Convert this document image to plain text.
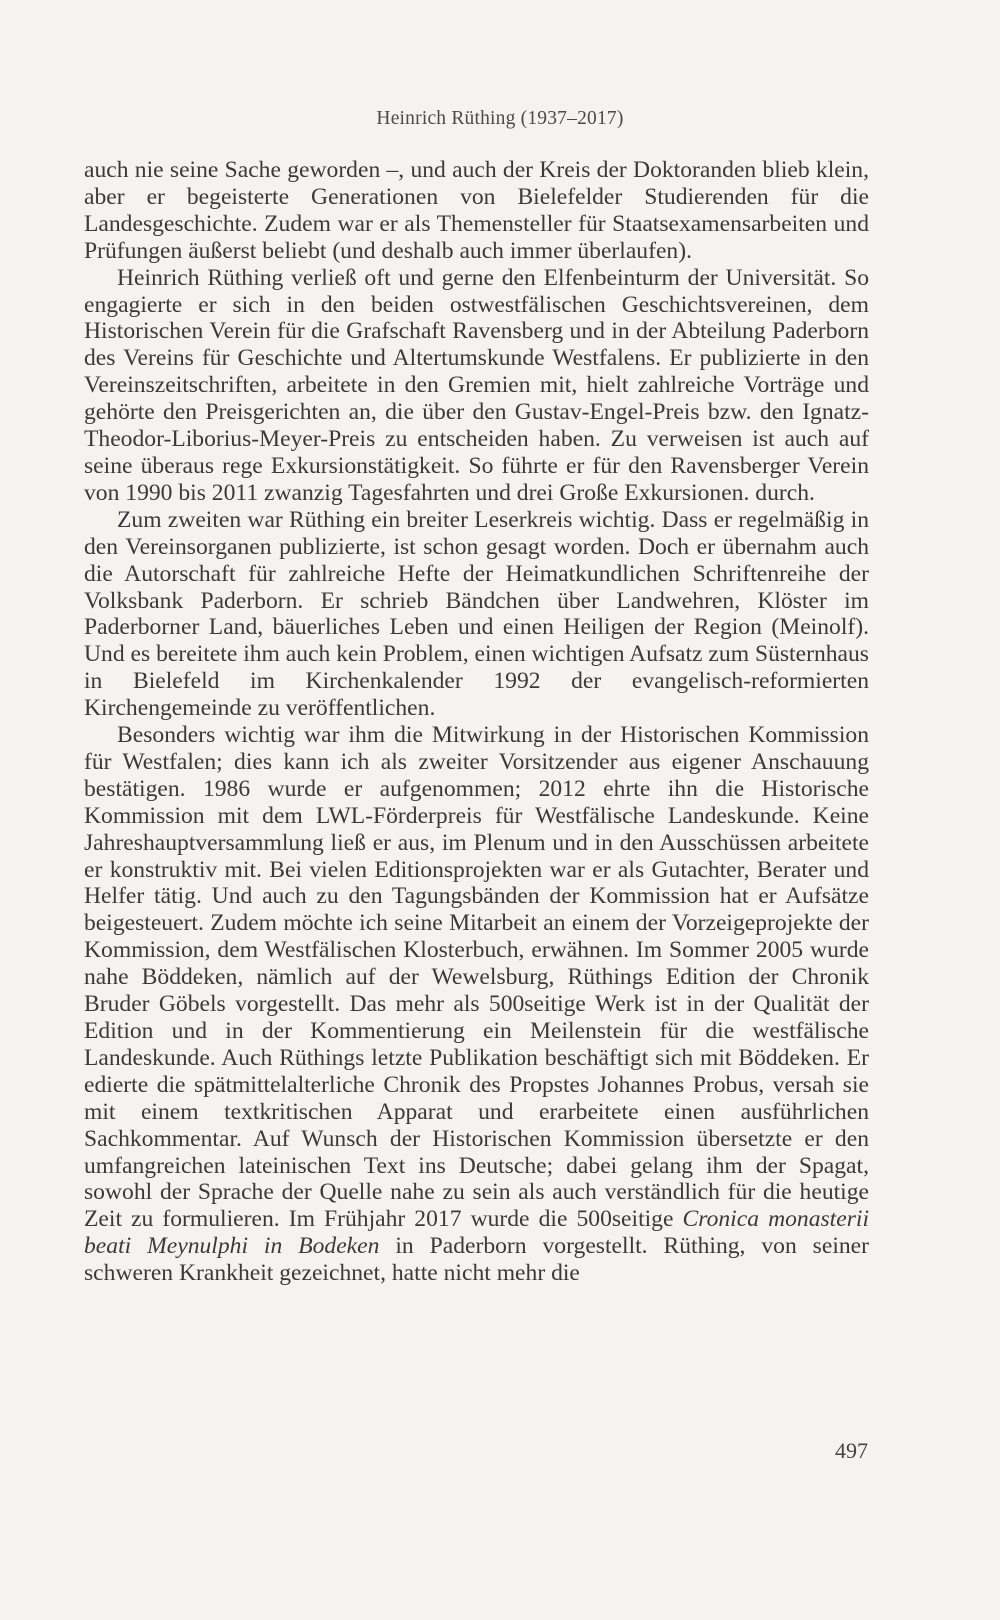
Heinrich Rüthing (1937–2017)

auch nie seine Sache geworden –, und auch der Kreis der Doktoranden blieb klein, aber er begeisterte Generationen von Bielefelder Studierenden für die Landesgeschichte. Zudem war er als Themensteller für Staatsexamensarbeiten und Prüfungen äußerst beliebt (und deshalb auch immer überlaufen).

Heinrich Rüthing verließ oft und gerne den Elfenbeinturm der Universität. So engagierte er sich in den beiden ostwestfälischen Geschichtsvereinen, dem Historischen Verein für die Grafschaft Ravensberg und in der Abteilung Paderborn des Vereins für Geschichte und Altertumskunde Westfalens. Er publizierte in den Vereinszeitschriften, arbeitete in den Gremien mit, hielt zahlreiche Vorträge und gehörte den Preisgerichten an, die über den Gustav-Engel-Preis bzw. den Ignatz-Theodor-Liborius-Meyer-Preis zu entscheiden haben. Zu verweisen ist auch auf seine überaus rege Exkursionstätigkeit. So führte er für den Ravensberger Verein von 1990 bis 2011 zwanzig Tagesfahrten und drei Große Exkursionen. durch.

Zum zweiten war Rüthing ein breiter Leserkreis wichtig. Dass er regelmäßig in den Vereinsorganen publizierte, ist schon gesagt worden. Doch er übernahm auch die Autorschaft für zahlreiche Hefte der Heimatkundlichen Schriftenreihe der Volksbank Paderborn. Er schrieb Bändchen über Landwehren, Klöster im Paderborner Land, bäuerliches Leben und einen Heiligen der Region (Meinolf). Und es bereitete ihm auch kein Problem, einen wichtigen Aufsatz zum Süsternhaus in Bielefeld im Kirchenkalender 1992 der evangelisch-reformierten Kirchengemeinde zu veröffentlichen.

Besonders wichtig war ihm die Mitwirkung in der Historischen Kommission für Westfalen; dies kann ich als zweiter Vorsitzender aus eigener Anschauung bestätigen. 1986 wurde er aufgenommen; 2012 ehrte ihn die Historische Kommission mit dem LWL-Förderpreis für Westfälische Landeskunde. Keine Jahreshauptversammlung ließ er aus, im Plenum und in den Ausschüssen arbeitete er konstruktiv mit. Bei vielen Editionsprojekten war er als Gutachter, Berater und Helfer tätig. Und auch zu den Tagungsbänden der Kommission hat er Aufsätze beigesteuert. Zudem möchte ich seine Mitarbeit an einem der Vorzeigeprojekte der Kommission, dem Westfälischen Klosterbuch, erwähnen. Im Sommer 2005 wurde nahe Böddeken, nämlich auf der Wewelsburg, Rüthings Edition der Chronik Bruder Göbels vorgestellt. Das mehr als 500seitige Werk ist in der Qualität der Edition und in der Kommentierung ein Meilenstein für die westfälische Landeskunde. Auch Rüthings letzte Publikation beschäftigt sich mit Böddeken. Er edierte die spätmittelalterliche Chronik des Propstes Johannes Probus, versah sie mit einem textkritischen Apparat und erarbeitete einen ausführlichen Sachkommentar. Auf Wunsch der Historischen Kommission übersetzte er den umfangreichen lateinischen Text ins Deutsche; dabei gelang ihm der Spagat, sowohl der Sprache der Quelle nahe zu sein als auch verständlich für die heutige Zeit zu formulieren. Im Frühjahr 2017 wurde die 500seitige Cronica monasterii beati Meynulphi in Bodeken in Paderborn vorgestellt. Rüthing, von seiner schweren Krankheit gezeichnet, hatte nicht mehr die

497
